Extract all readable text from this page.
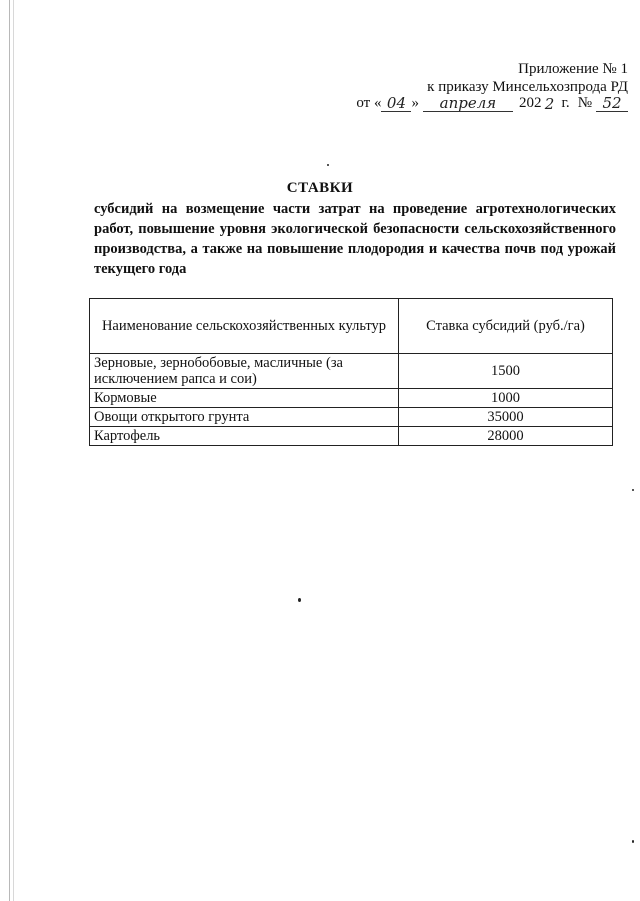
Приложение № 1
к приказу Минсельхозпрода РД
от « 04 »	апреля	202 2 г. № 52
СТАВКИ
субсидий на возмещение части затрат на проведение агротехнологических работ, повышение уровня экологической безопасности сельскохозяйственного производства, а также на повышение плодородия и качества почв под урожай текущего года
Наименование сельскохозяйственных культур	Ставка субсидий (руб./га)
Зерновые, зернобобовые, масличные (за исключением рапса и сои)	1500
Кормовые	1000
Овощи открытого грунта	35000
Картофель	28000
